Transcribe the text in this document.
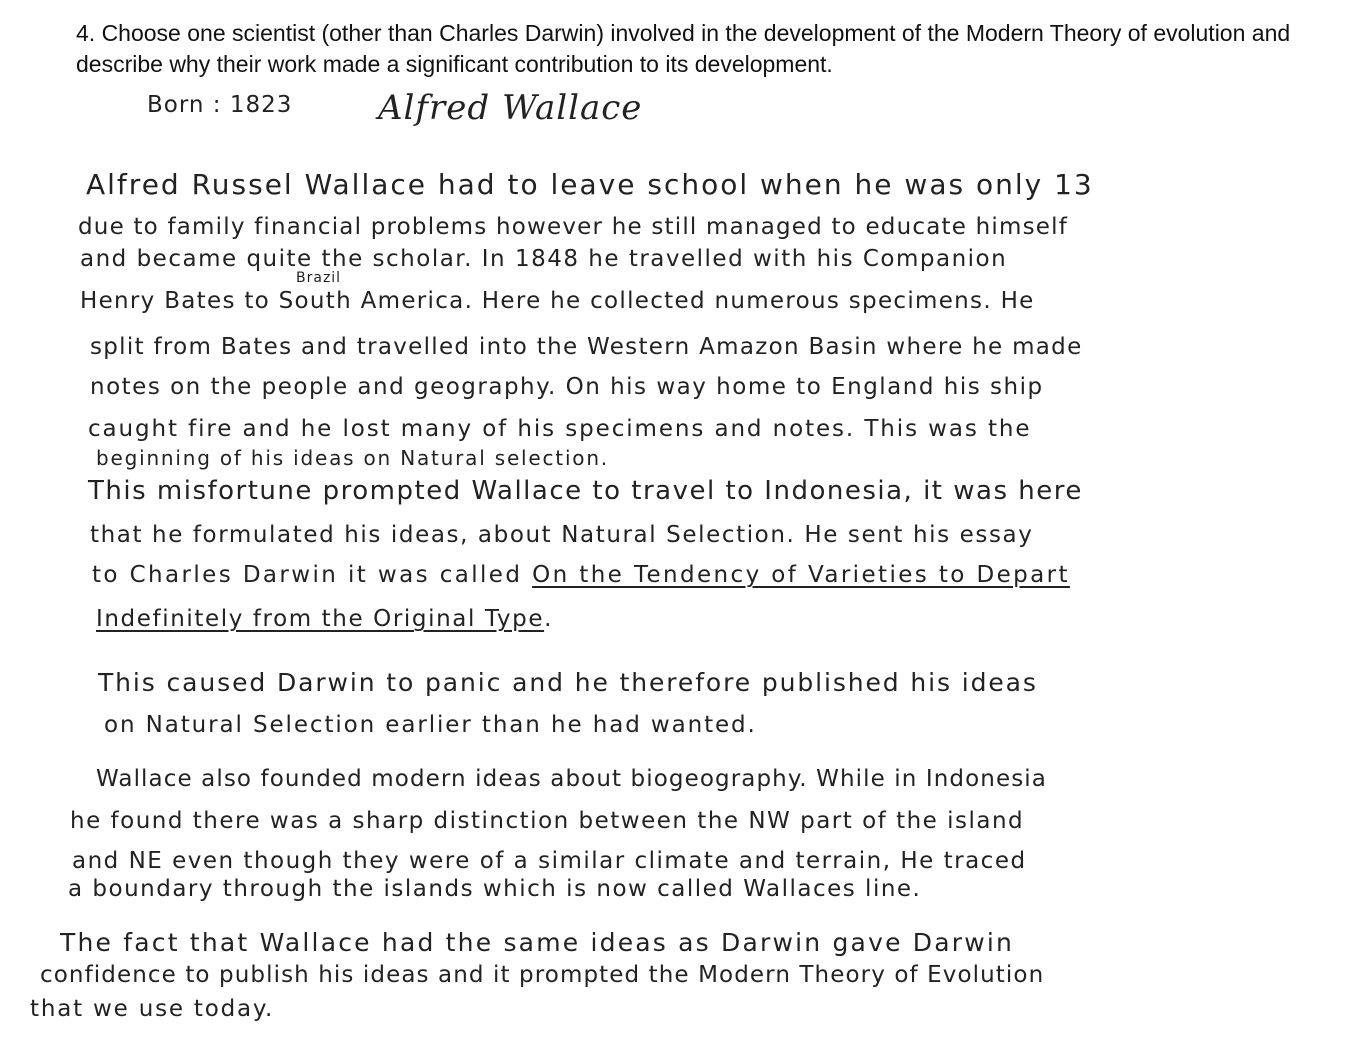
4. Choose one scientist (other than Charles Darwin) involved in the development of the Modern Theory of evolution and describe why their work made a significant contribution to its development.
Born : 1823	Alfred Wallace
Alfred Russel Wallace had to leave school when he was only 13
due to family financial problems however he still managed to educate himself
and became quite the scholar. In 1848 he travelled with his Companion
Brazil
Henry Bates to South America. Here he collected numerous specimens. He
split from Bates and travelled into the Western Amazon Basin where he made
notes on the people and geography. On his way home to England his ship
caught fire and he lost many of his specimens and notes. This was the
beginning of his ideas on Natural selection.
This misfortune prompted Wallace to travel to Indonesia, it was here
that he formulated his ideas, about Natural Selection. He sent his essay
to Charles Darwin it was called On the Tendency of Varieties to Depart
Indefinitely from the Original Type.
This caused Darwin to panic and he therefore published his ideas
on Natural Selection earlier than he had wanted.
Wallace also founded modern ideas about biogeography. While in Indonesia
he found there was a sharp distinction between the NW part of the island
and NE even though they were of a similar climate and terrain, He traced
a boundary through the islands which is now called Wallaces line.
The fact that Wallace had the same ideas as Darwin gave Darwin
confidence to publish his ideas and it prompted the Modern Theory of Evolution
that we use today.
